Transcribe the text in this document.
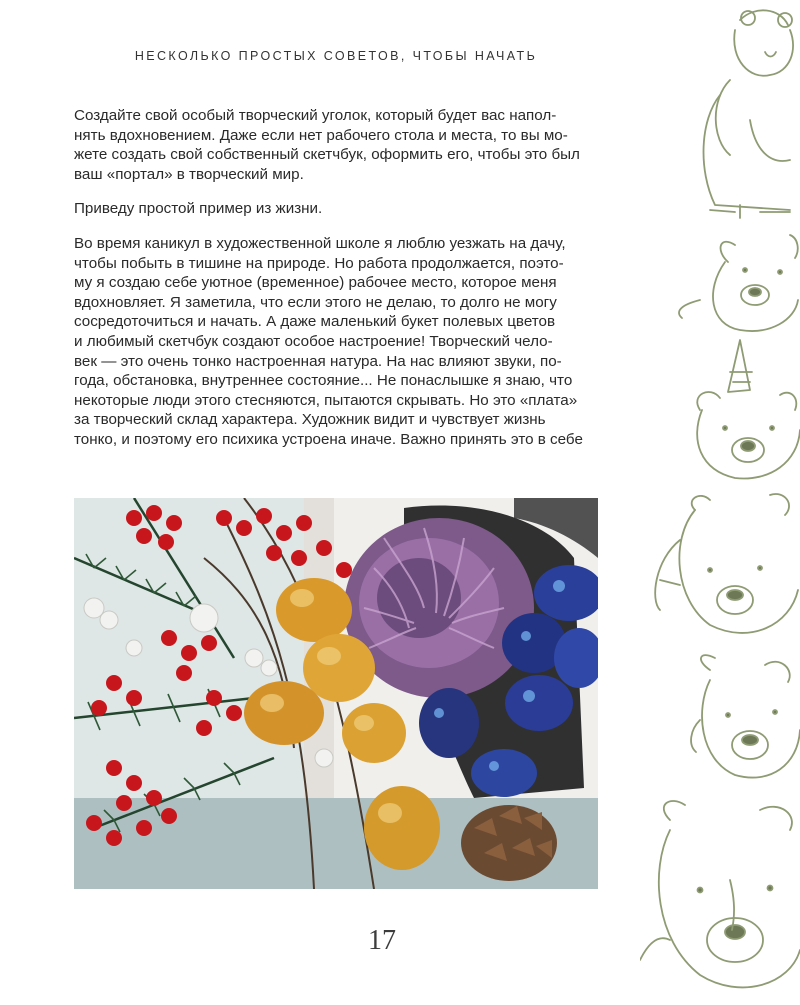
НЕСКОЛЬКО ПРОСТЫХ СОВЕТОВ, ЧТОБЫ НАЧАТЬ

Создайте свой особый творческий уголок, который будет вас напол-
нять вдохновением. Даже если нет рабочего стола и места, то вы мо-
жете создать свой собственный скетчбук, оформить его, чтобы это был
ваш «портал» в творческий мир.

Приведу простой пример из жизни.

Во время каникул в художественной школе я люблю уезжать на дачу,
чтобы побыть в тишине на природе. Но работа продолжается, поэто-
му я создаю себе уютное (временное) рабочее место, которое меня
вдохновляет. Я заметила, что если этого не делаю, то долго не могу
сосредоточиться и начать. А даже маленький букет полевых цветов
и любимый скетчбук создают особое настроение! Творческий чело-
век — это очень тонко настроенная натура. На нас влияют звуки, по-
года, обстановка, внутреннее состояние... Не понаслышке я знаю, что
некоторые люди этого стесняются, пытаются скрывать. Но это «плата»
за творческий склад характера. Художник видит и чувствует жизнь
тонко, и поэтому его психика устроена иначе. Важно принять это в себе

17
